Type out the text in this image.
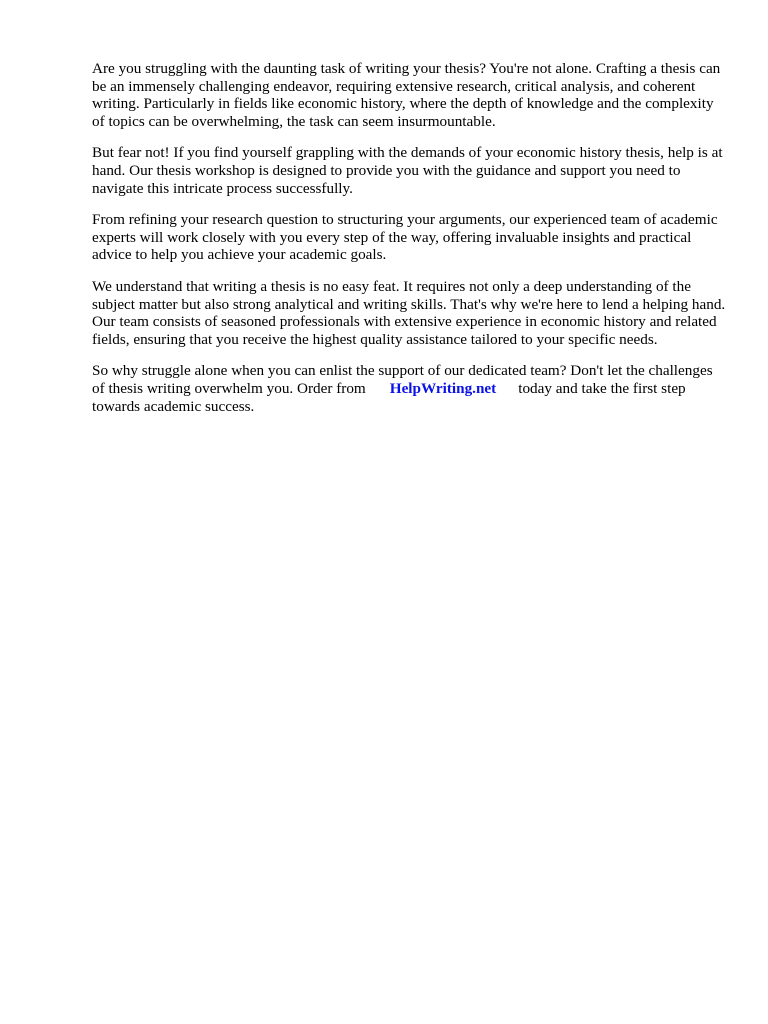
Are you struggling with the daunting task of writing your thesis? You're not alone. Crafting a thesis can be an immensely challenging endeavor, requiring extensive research, critical analysis, and coherent writing. Particularly in fields like economic history, where the depth of knowledge and the complexity of topics can be overwhelming, the task can seem insurmountable.

But fear not! If you find yourself grappling with the demands of your economic history thesis, help is at hand. Our thesis workshop is designed to provide you with the guidance and support you need to navigate this intricate process successfully.

From refining your research question to structuring your arguments, our experienced team of academic experts will work closely with you every step of the way, offering invaluable insights and practical advice to help you achieve your academic goals.

We understand that writing a thesis is no easy feat. It requires not only a deep understanding of the subject matter but also strong analytical and writing skills. That's why we're here to lend a helping hand. Our team consists of seasoned professionals with extensive experience in economic history and related fields, ensuring that you receive the highest quality assistance tailored to your specific needs.

So why struggle alone when you can enlist the support of our dedicated team? Don't let the challenges of thesis writing overwhelm you. Order from HelpWriting.net today and take the first step towards academic success.
